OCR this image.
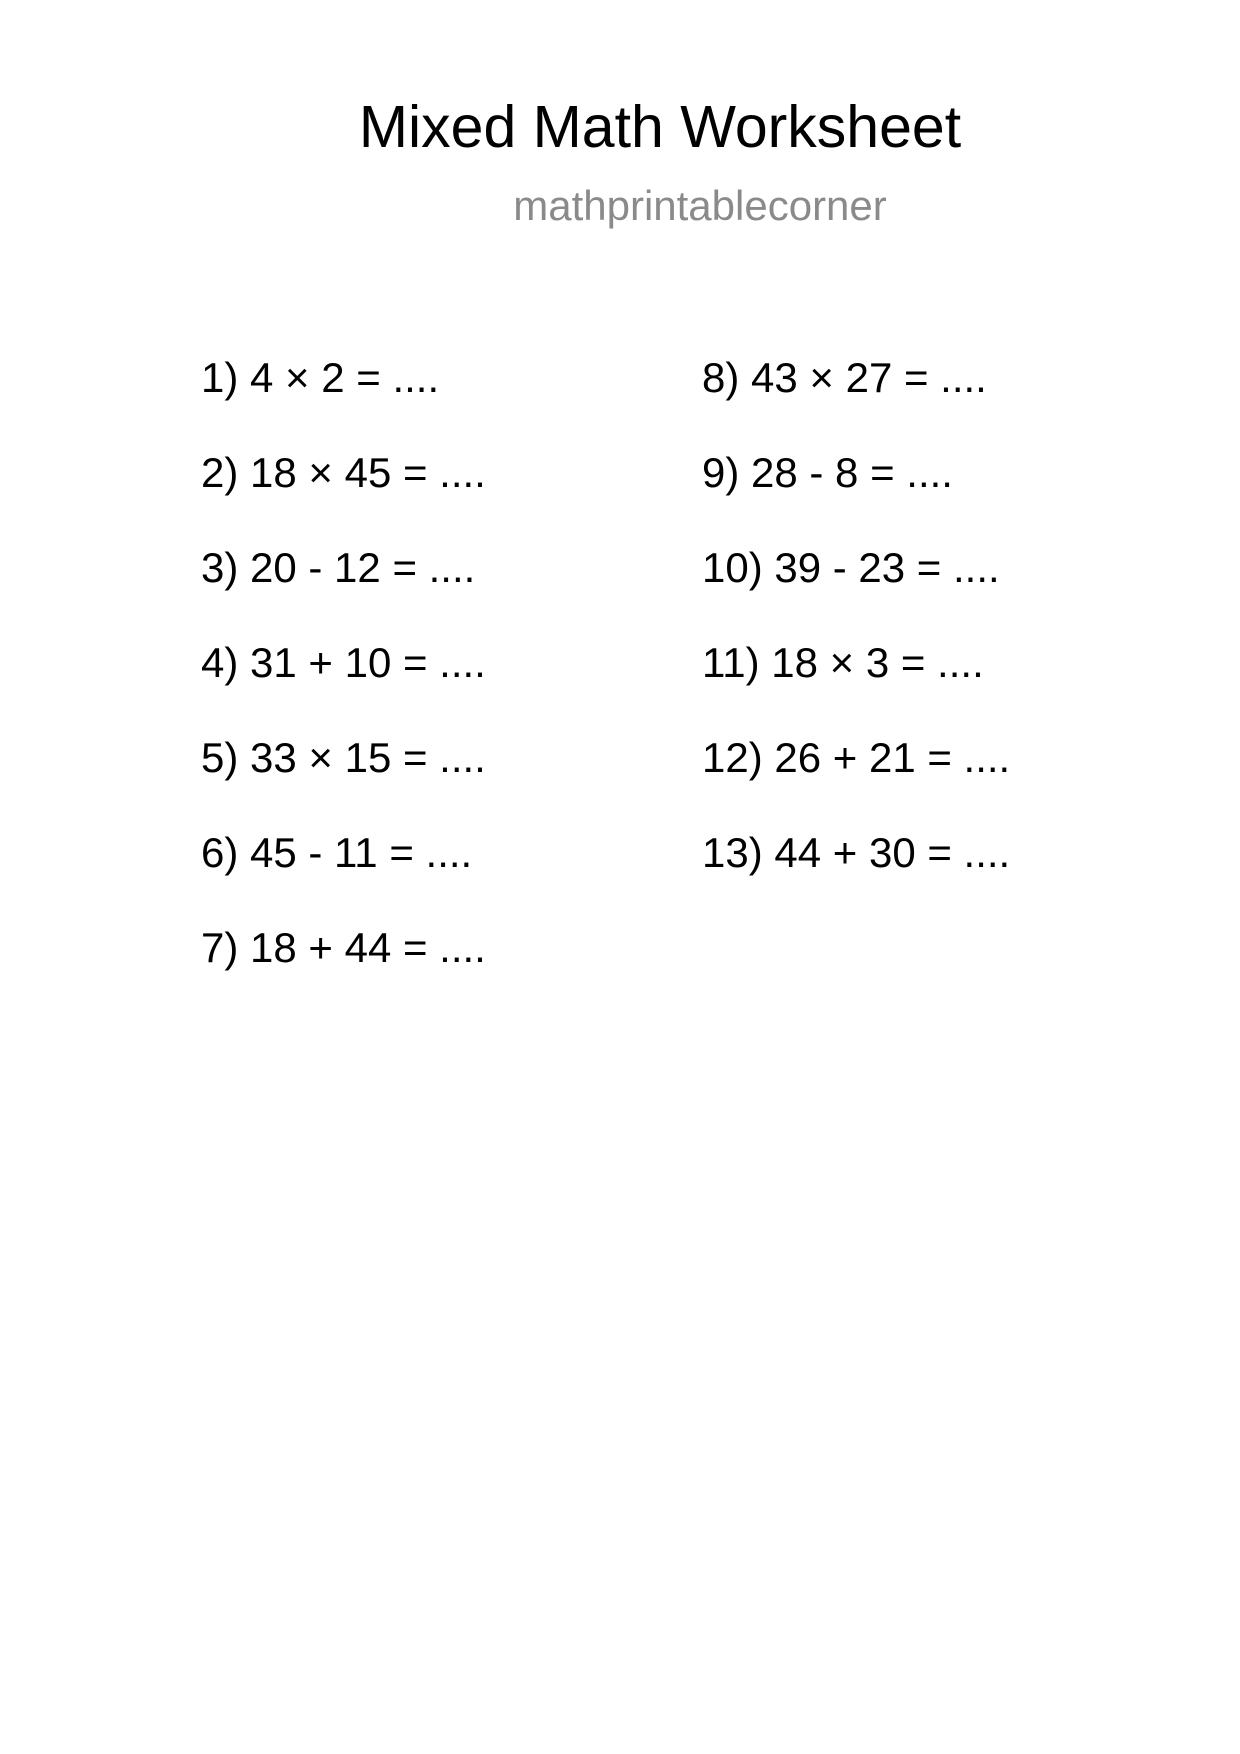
Mixed Math Worksheet
mathprintablecorner
1) 4 × 2 = ....
2) 18 × 45 = ....
3) 20 - 12 = ....
4) 31 + 10 = ....
5) 33 × 15 = ....
6) 45 - 11 = ....
7) 18 + 44 = ....
8) 43 × 27 = ....
9) 28 - 8 = ....
10) 39 - 23 = ....
11) 18 × 3 = ....
12) 26 + 21 = ....
13) 44 + 30 = ....
